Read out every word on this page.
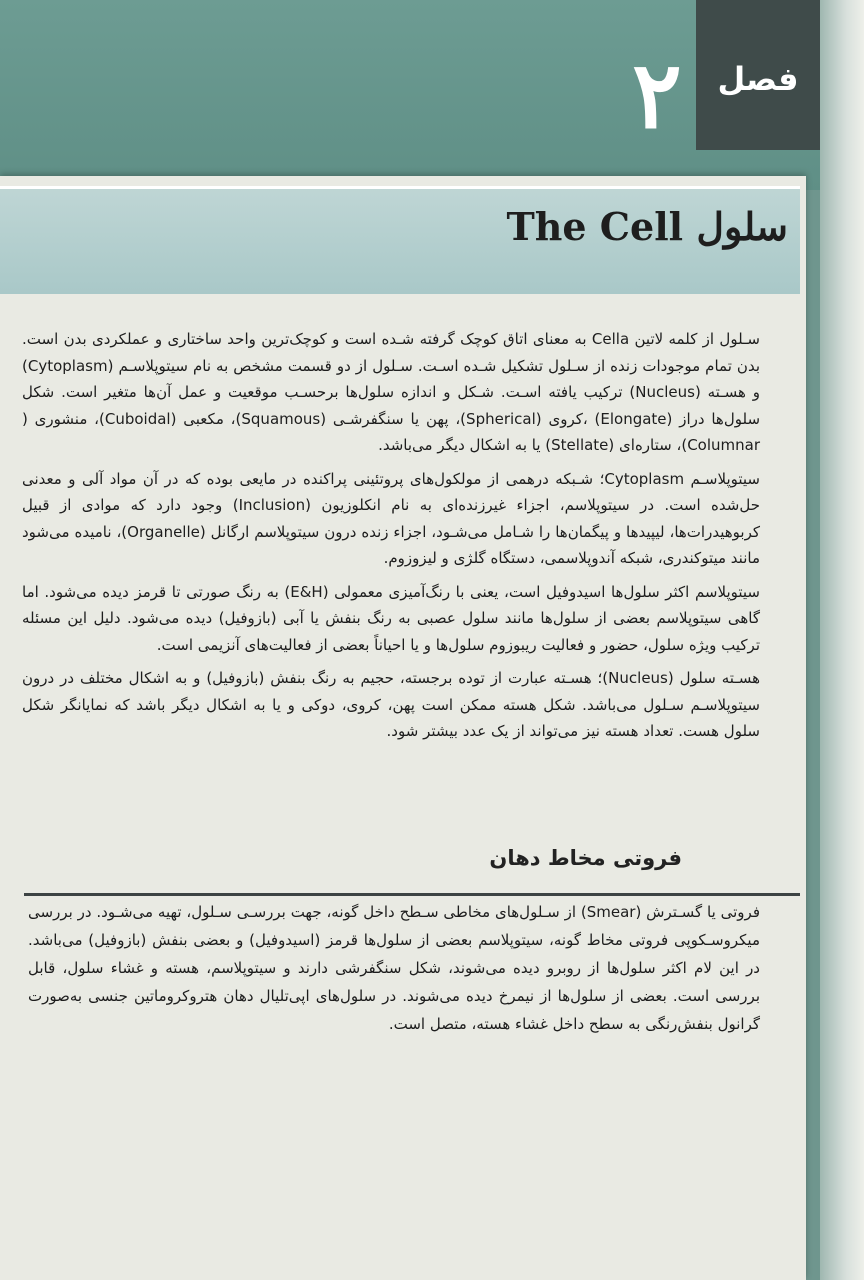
۲	فصل
سلول The Cell

سـلول از کلمه لاتین Cella به معنای اتاق کوچک گرفته شـده است و کوچک‌ترین واحد ساختاری و عملکردی بدن است. بدن تمام موجودات زنده از سـلول تشکیل شـده اسـت. سـلول از دو قسمت مشخص به نام سیتوپلاسـم (Cytoplasm) و هسـته (Nucleus) ترکیب یافته اسـت. شـکل و اندازه سلول‌ها برحسـب موقعیت و عمل آن‌ها متغیر است. شکل سلول‌ها دراز (Elongate) ،کروی (Spherical)، پهن یا سنگفرشـی (Squamous)، مکعبی (Cuboidal)، منشوری ( Columnar)، ستاره‌ای (Stellate) یا به اشکال دیگر می‌باشد.

سیتوپلاسـم Cytoplasm؛ شـبکه درهمی از مولکول‌های پروتئینی پراکنده در مایعی بوده که در آن مواد آلی و معدنی حل‌شده است. در سیتوپلاسم، اجزاء غیرزنده‌ای به نام انکلوزیون (Inclusion) وجود دارد که موادی از قبیل کربوهیدرات‌ها، لیپیدها و پیگمان‌ها را شـامل می‌شـود، اجزاء زنده درون سیتوپلاسم ارگانل (Organelle)، نامیده می‌شود مانند میتوکندری، شبکه آندوپلاسمی، دستگاه گلژی و لیزوزوم.

سیتوپلاسم اکثر سلول‌ها اسیدوفیل است، یعنی با رنگ‌آمیزی معمولی (E&H) به رنگ صورتی تا قرمز دیده می‌شود. اما گاهی سیتوپلاسم بعضی از سلول‌ها مانند سلول عصبی به رنگ بنفش یا آبی (بازوفیل) دیده می‌شود. دلیل این مسئله ترکیب ویژه سلول، حضور و فعالیت ریبوزوم سلول‌ها و یا احیاناً بعضی از فعالیت‌های آنزیمی است.

هسـته سلول (Nucleus)؛ هسـته عبارت از توده برجسته، حجیم به رنگ بنفش (بازوفیل) و به اشکال مختلف در درون سیتوپلاسـم سـلول می‌باشد. شکل هسته ممکن است پهن، کروی، دوکی و یا به اشکال دیگر باشد که نمایانگر شکل سلول هست. تعداد هسته نیز می‌تواند از یک عدد بیشتر شود.

فروتی مخاط دهان

فروتی یا گسـترش (Smear) از سـلول‌های مخاطی سـطح داخل گونه، جهت بررسـی سـلول، تهیه می‌شـود. در بررسی میکروسـکوپی فروتی مخاط گونه، سیتوپلاسم بعضی از سلول‌ها قرمز (اسیدوفیل) و بعضی بنفش (بازوفیل) می‌باشد. در این لام اکثر سلول‌ها از روبرو دیده می‌شوند، شکل سنگفرشی دارند و سیتوپلاسم، هسته و غشاء سلول، قابل بررسی است. بعضی از سلول‌ها از نیمرخ دیده می‌شوند. در سلول‌های اپی‌تلیال دهان هتروکروماتین جنسی به‌صورت گرانول بنفش‌رنگی به سطح داخل غشاء هسته، متصل است.
